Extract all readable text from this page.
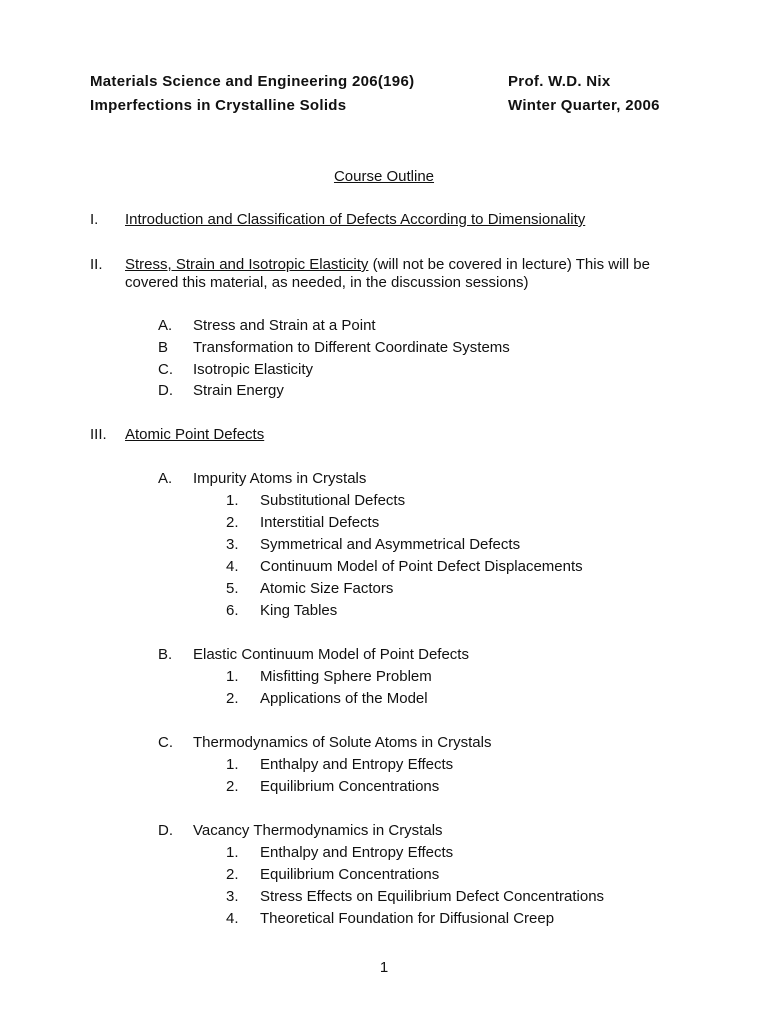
Materials Science and Engineering 206(196)	Prof. W.D. Nix
Imperfections in Crystalline Solids	Winter Quarter, 2006
Course Outline
I. Introduction and Classification of Defects According to Dimensionality
II. Stress, Strain and Isotropic Elasticity (will not be covered in lecture) This will be covered this material, as needed, in the discussion sessions)
A. Stress and Strain at a Point
B Transformation to Different Coordinate Systems
C. Isotropic Elasticity
D. Strain Energy
III. Atomic Point Defects
A. Impurity Atoms in Crystals
1. Substitutional Defects
2. Interstitial Defects
3. Symmetrical and Asymmetrical Defects
4. Continuum Model of Point Defect Displacements
5. Atomic Size Factors
6. King Tables
B. Elastic Continuum Model of Point Defects
1. Misfitting Sphere Problem
2. Applications of the Model
C. Thermodynamics of Solute Atoms in Crystals
1. Enthalpy and Entropy Effects
2. Equilibrium Concentrations
D. Vacancy Thermodynamics in Crystals
1. Enthalpy and Entropy Effects
2. Equilibrium Concentrations
3. Stress Effects on Equilibrium Defect Concentrations
4. Theoretical Foundation for Diffusional Creep
1
